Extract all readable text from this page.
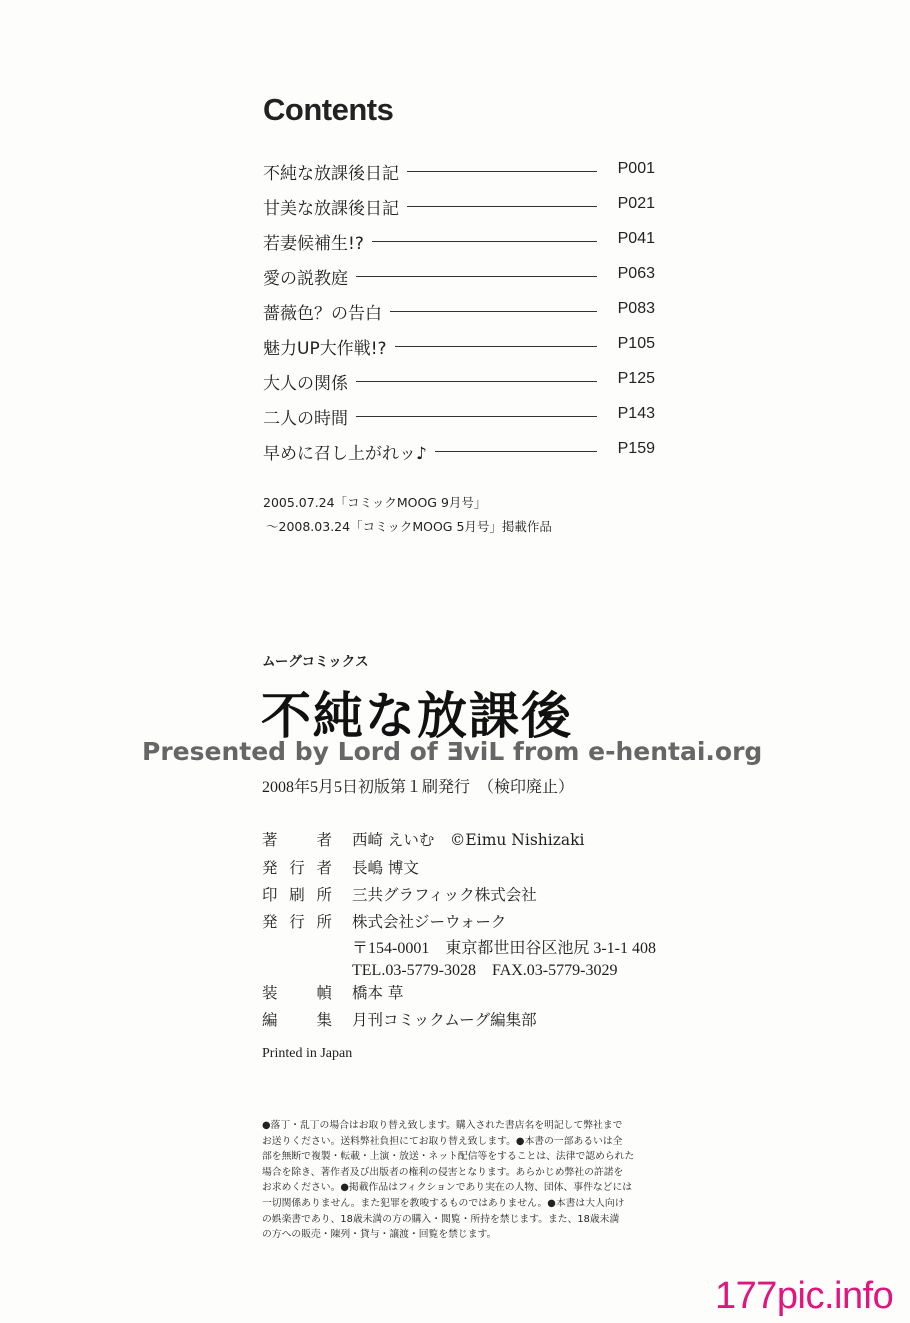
Contents
不純な放課後日記	P001
甘美な放課後日記	P021
若妻候補生!?	P041
愛の説教庭	P063
薔薇色？の告白	P083
魅力UP大作戦!?	P105
大人の関係	P125
二人の時間	P143
早めに召し上がれッ♪	P159
2005.07.24「コミックMOOG 9月号」
～2008.03.24「コミックMOOG 5月号」掲載作品
ムーグコミックス
不純な放課後
Presented by Lord of ƎviL from e-hentai.org
2008年5月5日初版第１刷発行　（検印廃止）
著　者 西崎 えいむ　©Eimu Nishizaki
発行者 長嶋 博文
印刷所 三共グラフィック株式会社
発行所 株式会社ジーウォーク
〒154-0001　東京都世田谷区池尻 3-1-1 408
TEL.03-5779-3028　FAX.03-5779-3029
装　幀 橋本 草
編　集 月刊コミックムーグ編集部
Printed in Japan
●落丁・乱丁の場合はお取り替え致します。購入された書店名を明記して弊社まで
お送りください。送料弊社負担にてお取り替え致します。●本書の一部あるいは全
部を無断で複製・転載・上演・放送・ネット配信等をすることは、法律で認められた
場合を除き、著作者及び出版者の権利の侵害となります。あらかじめ弊社の許諾を
お求めください。●掲載作品はフィクションであり実在の人物、団体、事件などには
一切関係ありません。また犯罪を教唆するものではありません。●本書は大人向け
の娯楽書であり、18歳未満の方の購入・閲覧・所持を禁じます。また、18歳未満
の方への販売・陳列・貸与・譲渡・回覧を禁じます。
177pic.info
